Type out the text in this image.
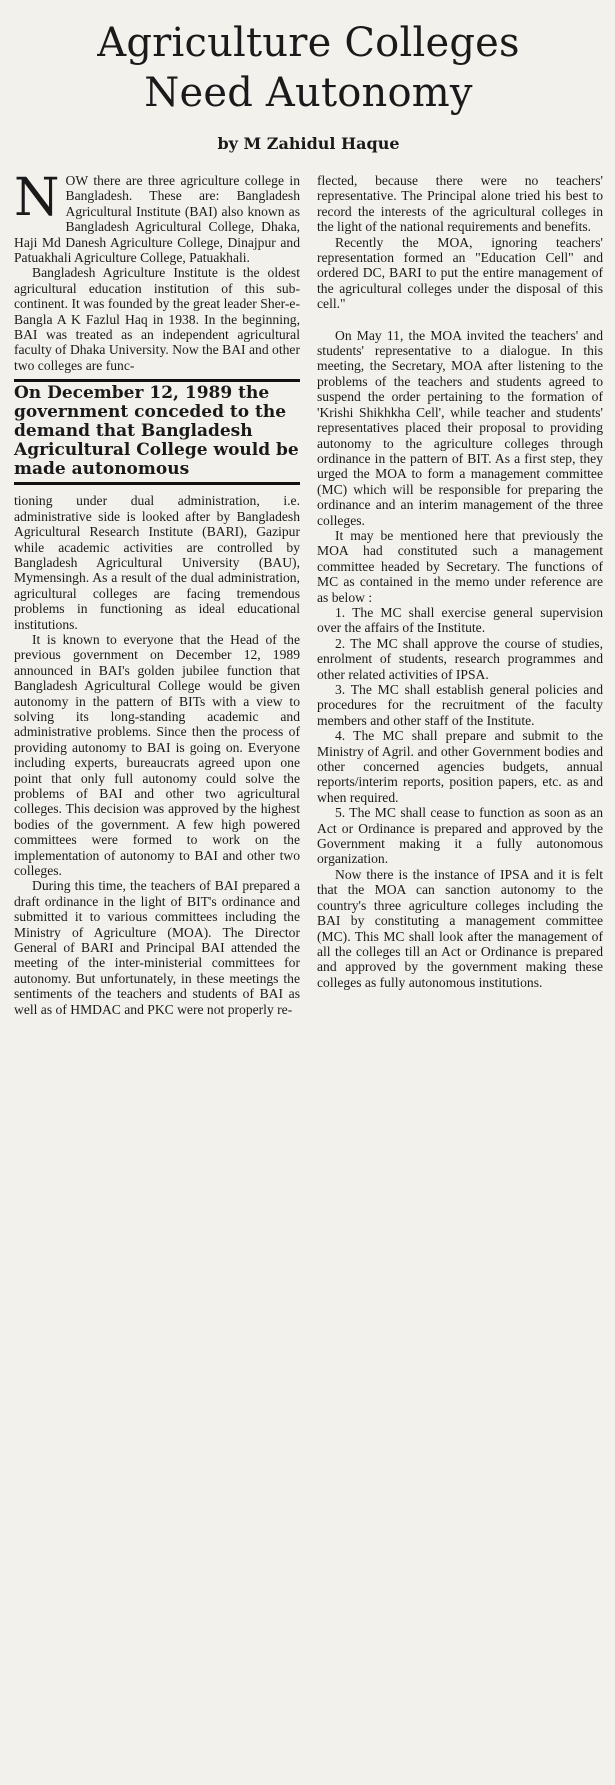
Agriculture Colleges
Need Autonomy
by M Zahidul Haque

NOW there are three agriculture college in Bangladesh. These are: Bangladesh Agricultural Institute (BAI) also known as Bangladesh Agricultural College, Dhaka, Haji Md Danesh Agriculture College, Dinajpur and Patuakhali Agriculture College, Patuakhali.

Bangladesh Agriculture Institute is the oldest agricultural education institution of this sub-continent. It was founded by the great leader Sher-e-Bangla A K Fazlul Haq in 1938. In the beginning, BAI was treated as an independent agricultural faculty of Dhaka University. Now the BAI and other two colleges are func-

On December 12, 1989 the government conceded to the demand that Bangladesh Agricultural College would be made autonomous

tioning under dual administration, i.e. administrative side is looked after by Bangladesh Agricultural Research Institute (BARI), Gazipur while academic activities are controlled by Bangladesh Agricultural University (BAU), Mymensingh. As a result of the dual administration, agricultural colleges are facing tremendous problems in functioning as ideal educational institutions.

It is known to everyone that the Head of the previous government on December 12, 1989 announced in BAI's golden jubilee function that Bangladesh Agricultural College would be given autonomy in the pattern of BITs with a view to solving its long-standing academic and administrative problems. Since then the process of providing autonomy to BAI is going on. Everyone including experts, bureaucrats agreed upon one point that only full autonomy could solve the problems of BAI and other two agricultural colleges. This decision was approved by the highest bodies of the government. A few high powered committees were formed to work on the implementation of autonomy to BAI and other two colleges.

During this time, the teachers of BAI prepared a draft ordinance in the light of BIT's ordinance and submitted it to various committees including the Ministry of Agriculture (MOA). The Director General of BARI and Principal BAI attended the meeting of the inter-ministerial committees for autonomy. But unfortunately, in these meetings the sentiments of the teachers and students of BAI as well as of HMDAC and PKC were not properly re-

flected, because there were no teachers' representative. The Principal alone tried his best to record the interests of the agricultural colleges in the light of the national requirements and benefits.

Recently the MOA, ignoring teachers' representation formed an "Education Cell" and ordered DC, BARI to put the entire management of the agricultural colleges under the disposal of this cell."

On May 11, the MOA invited the teachers' and students' representative to a dialogue. In this meeting, the Secretary, MOA after listening to the problems of the teachers and students agreed to suspend the order pertaining to the formation of 'Krishi Shikhkha Cell', while teacher and students' representatives placed their proposal to providing autonomy to the agriculture colleges through ordinance in the pattern of BIT. As a first step, they urged the MOA to form a management committee (MC) which will be responsible for preparing the ordinance and an interim management of the three colleges.

It may be mentioned here that previously the MOA had constituted such a management committee headed by Secretary. The functions of MC as contained in the memo under reference are as below :

1. The MC shall exercise general supervision over the affairs of the Institute.

2. The MC shall approve the course of studies, enrolment of students, research programmes and other related activities of IPSA.

3. The MC shall establish general policies and procedures for the recruitment of the faculty members and other staff of the Institute.

4. The MC shall prepare and submit to the Ministry of Agril. and other Government bodies and other concerned agencies budgets, annual reports/interim reports, position papers, etc. as and when required.

5. The MC shall cease to function as soon as an Act or Ordinance is prepared and approved by the Government making it a fully autonomous organization.

Now there is the instance of IPSA and it is felt that the MOA can sanction autonomy to the country's three agriculture colleges including the BAI by constituting a management committee (MC). This MC shall look after the management of all the colleges till an Act or Ordinance is prepared and approved by the government making these colleges as fully autonomous institutions.
